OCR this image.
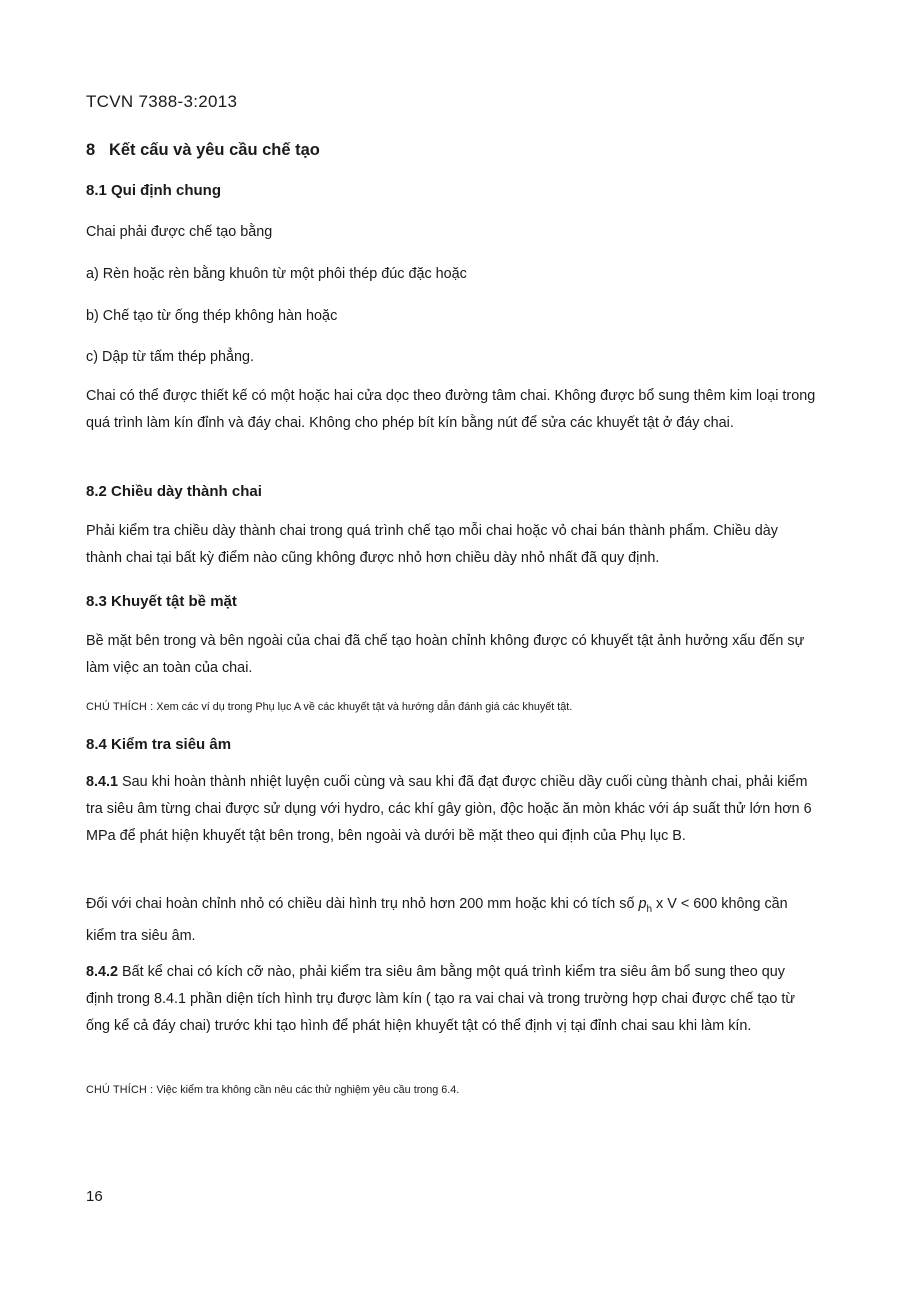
TCVN 7388-3:2013
8 Kết cấu và yêu cầu chế tạo
8.1 Qui định chung
Chai phải được chế tạo bằng
a) Rèn hoặc rèn bằng khuôn từ một phôi thép đúc đặc hoặc
b) Chế tạo từ ống thép không hàn hoặc
c) Dập từ tấm thép phẳng.

Chai có thể được thiết kế có một hoặc hai cửa dọc theo đường tâm chai. Không được bổ sung thêm kim loại trong quá trình làm kín đỉnh và đáy chai. Không cho phép bít kín bằng nút để sửa các khuyết tật ở đáy chai.

8.2 Chiều dày thành chai

Phải kiểm tra chiều dày thành chai trong quá trình chế tạo mỗi chai hoặc vỏ chai bán thành phẩm. Chiều dày thành chai tại bất kỳ điểm nào cũng không được nhỏ hơn chiều dày nhỏ nhất đã quy định.

8.3 Khuyết tật bề mặt

Bề mặt bên trong và bên ngoài của chai đã chế tạo hoàn chỉnh không được có khuyết tật ảnh hưởng xấu đến sự làm việc an toàn của chai.

CHÚ THÍCH : Xem các ví dụ trong Phụ lục A về các khuyết tật và hướng dẫn đánh giá các khuyết tật.
8.4 Kiểm tra siêu âm

8.4.1 Sau khi hoàn thành nhiệt luyện cuối cùng và sau khi đã đạt được chiều dầy cuối cùng thành chai, phải kiểm tra siêu âm từng chai được sử dụng với hydro, các khí gây giòn, độc hoặc ăn mòn khác với áp suất thử lớn hơn 6 MPa để phát hiện khuyết tật bên trong, bên ngoài và dưới bề mặt theo qui định của Phụ lục B.

Đối với chai hoàn chỉnh nhỏ có chiều dài hình trụ nhỏ hơn 200 mm hoặc khi có tích số $p_h$ x V < 600 không cần kiểm tra siêu âm.

8.4.2 Bất kể chai có kích cỡ nào, phải kiểm tra siêu âm bằng một quá trình kiểm tra siêu âm bổ sung theo quy định trong 8.4.1 phần diện tích hình trụ được làm kín ( tạo ra vai chai và trong trường hợp chai được chế tạo từ ống kể cả đáy chai) trước khi tạo hình để phát hiện khuyết tật có thể định vị tại đỉnh chai sau khi làm kín.

CHÚ THÍCH : Việc kiểm tra không cần nêu các thử nghiệm yêu cầu trong 6.4.
16
